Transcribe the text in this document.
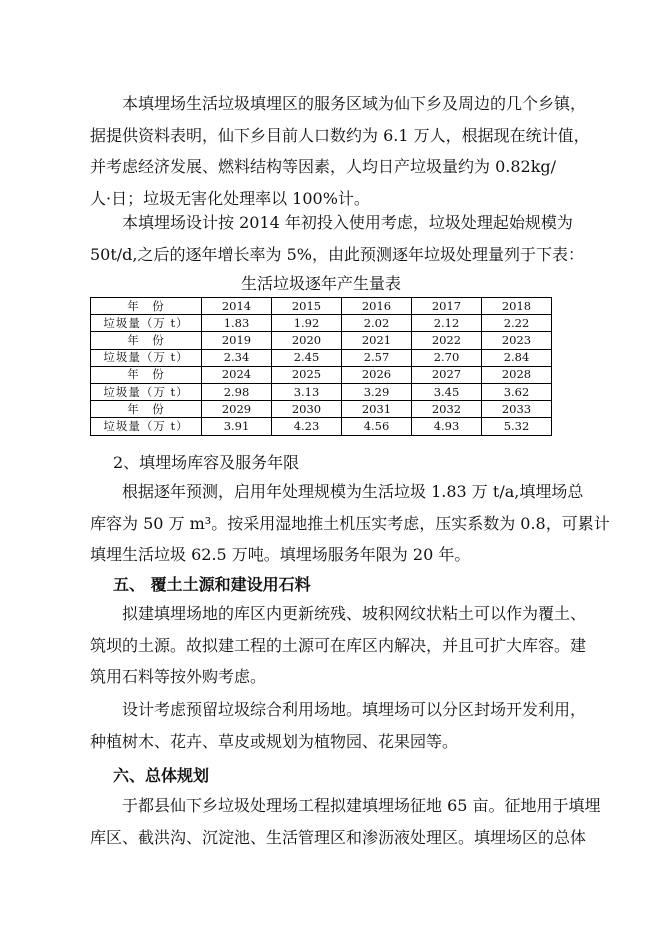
本填埋场生活垃圾填埋区的服务区域为仙下乡及周边的几个乡镇，
据提供资料表明，仙下乡目前人口数约为 6.1 万人，根据现在统计值，
并考虑经济发展、燃料结构等因素，人均日产垃圾量约为 0.82kg/
人·日；垃圾无害化处理率以 100%计。
本填埋场设计按 2014 年初投入使用考虑，垃圾处理起始规模为
50t/d,之后的逐年增长率为 5%，由此预测逐年垃圾处理量列于下表：
生活垃圾逐年产生量表
年　份	2014	2015	2016	2017	2018
垃圾量（万 t）	1.83	1.92	2.02	2.12	2.22
年　份	2019	2020	2021	2022	2023
垃圾量（万 t）	2.34	2.45	2.57	2.70	2.84
年　份	2024	2025	2026	2027	2028
垃圾量（万 t）	2.98	3.13	3.29	3.45	3.62
年　份	2029	2030	2031	2032	2033
垃圾量（万 t）	3.91	4.23	4.56	4.93	5.32
2、填埋场库容及服务年限
根据逐年预测，启用年处理规模为生活垃圾 1.83 万 t/a,填埋场总
库容为 50 万 m³。按采用湿地推土机压实考虑，压实系数为 0.8，可累计
填埋生活垃圾 62.5 万吨。填埋场服务年限为 20 年。
五、 覆土土源和建设用石料
拟建填埋场地的库区内更新统残、坡积网纹状粘土可以作为覆土、
筑坝的土源。故拟建工程的土源可在库区内解决，并且可扩大库容。建
筑用石料等按外购考虑。
设计考虑预留垃圾综合利用场地。填埋场可以分区封场开发利用，
种植树木、花卉、草皮或规划为植物园、花果园等。
六、总体规划
于都县仙下乡垃圾处理场工程拟建填埋场征地 65 亩。征地用于填埋
库区、截洪沟、沉淀池、生活管理区和渗沥液处理区。填埋场区的总体
